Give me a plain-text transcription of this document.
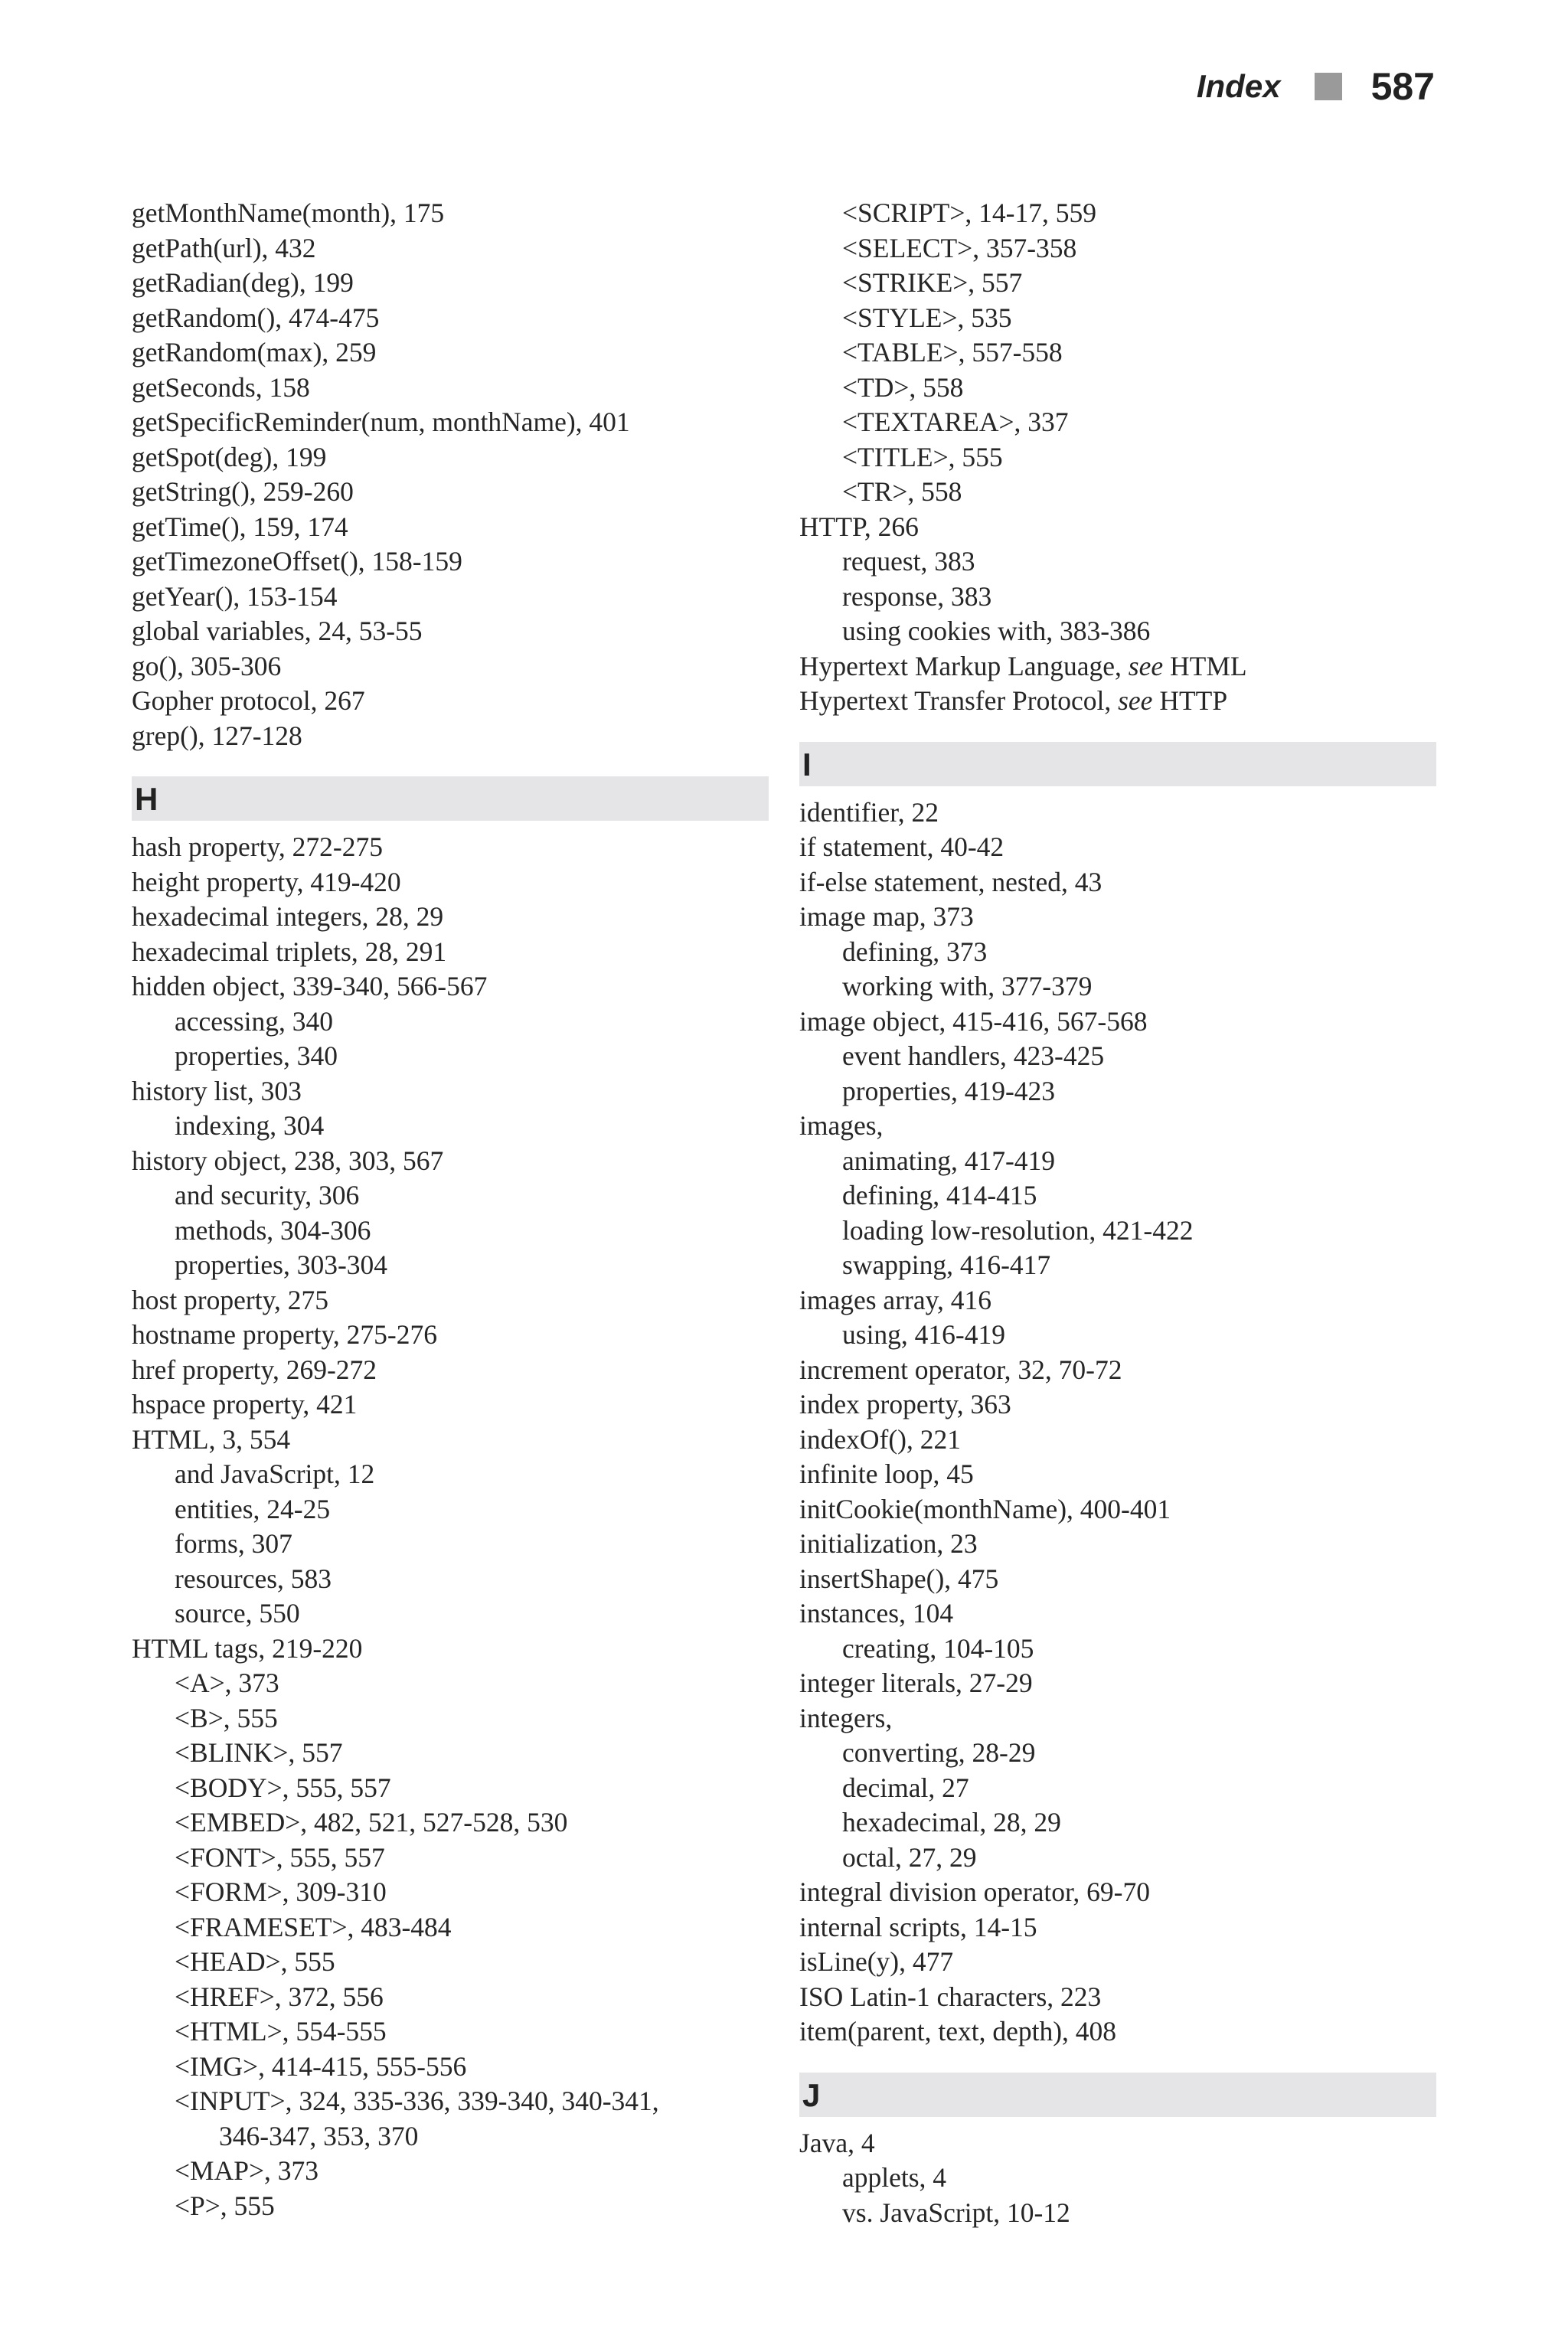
Index 587
getMonthName(month), 175
getPath(url), 432
getRadian(deg), 199
getRandom(), 474-475
getRandom(max), 259
getSeconds, 158
getSpecificReminder(num, monthName), 401
getSpot(deg), 199
getString(), 259-260
getTime(), 159, 174
getTimezoneOffset(), 158-159
getYear(), 153-154
global variables, 24, 53-55
go(), 305-306
Gopher protocol, 267
grep(), 127-128
H
hash property, 272-275
height property, 419-420
hexadecimal integers, 28, 29
hexadecimal triplets, 28, 291
hidden object, 339-340, 566-567
accessing, 340
properties, 340
history list, 303
indexing, 304
history object, 238, 303, 567
and security, 306
methods, 304-306
properties, 303-304
host property, 275
hostname property, 275-276
href property, 269-272
hspace property, 421
HTML, 3, 554
and JavaScript, 12
entities, 24-25
forms, 307
resources, 583
source, 550
HTML tags, 219-220
<A>, 373
<B>, 555
<BLINK>, 557
<BODY>, 555, 557
<EMBED>, 482, 521, 527-528, 530
<FONT>, 555, 557
<FORM>, 309-310
<FRAMESET>, 483-484
<HEAD>, 555
<HREF>, 372, 556
<HTML>, 554-555
<IMG>, 414-415, 555-556
<INPUT>, 324, 335-336, 339-340, 340-341,
346-347, 353, 370
<MAP>, 373
<P>, 555
<SCRIPT>, 14-17, 559
<SELECT>, 357-358
<STRIKE>, 557
<STYLE>, 535
<TABLE>, 557-558
<TD>, 558
<TEXTAREA>, 337
<TITLE>, 555
<TR>, 558
HTTP, 266
request, 383
response, 383
using cookies with, 383-386
Hypertext Markup Language, see HTML
Hypertext Transfer Protocol, see HTTP
I
identifier, 22
if statement, 40-42
if-else statement, nested, 43
image map, 373
defining, 373
working with, 377-379
image object, 415-416, 567-568
event handlers, 423-425
properties, 419-423
images,
animating, 417-419
defining, 414-415
loading low-resolution, 421-422
swapping, 416-417
images array, 416
using, 416-419
increment operator, 32, 70-72
index property, 363
indexOf(), 221
infinite loop, 45
initCookie(monthName), 400-401
initialization, 23
insertShape(), 475
instances, 104
creating, 104-105
integer literals, 27-29
integers,
converting, 28-29
decimal, 27
hexadecimal, 28, 29
octal, 27, 29
integral division operator, 69-70
internal scripts, 14-15
isLine(y), 477
ISO Latin-1 characters, 223
item(parent, text, depth), 408
J
Java, 4
applets, 4
vs. JavaScript, 10-12
